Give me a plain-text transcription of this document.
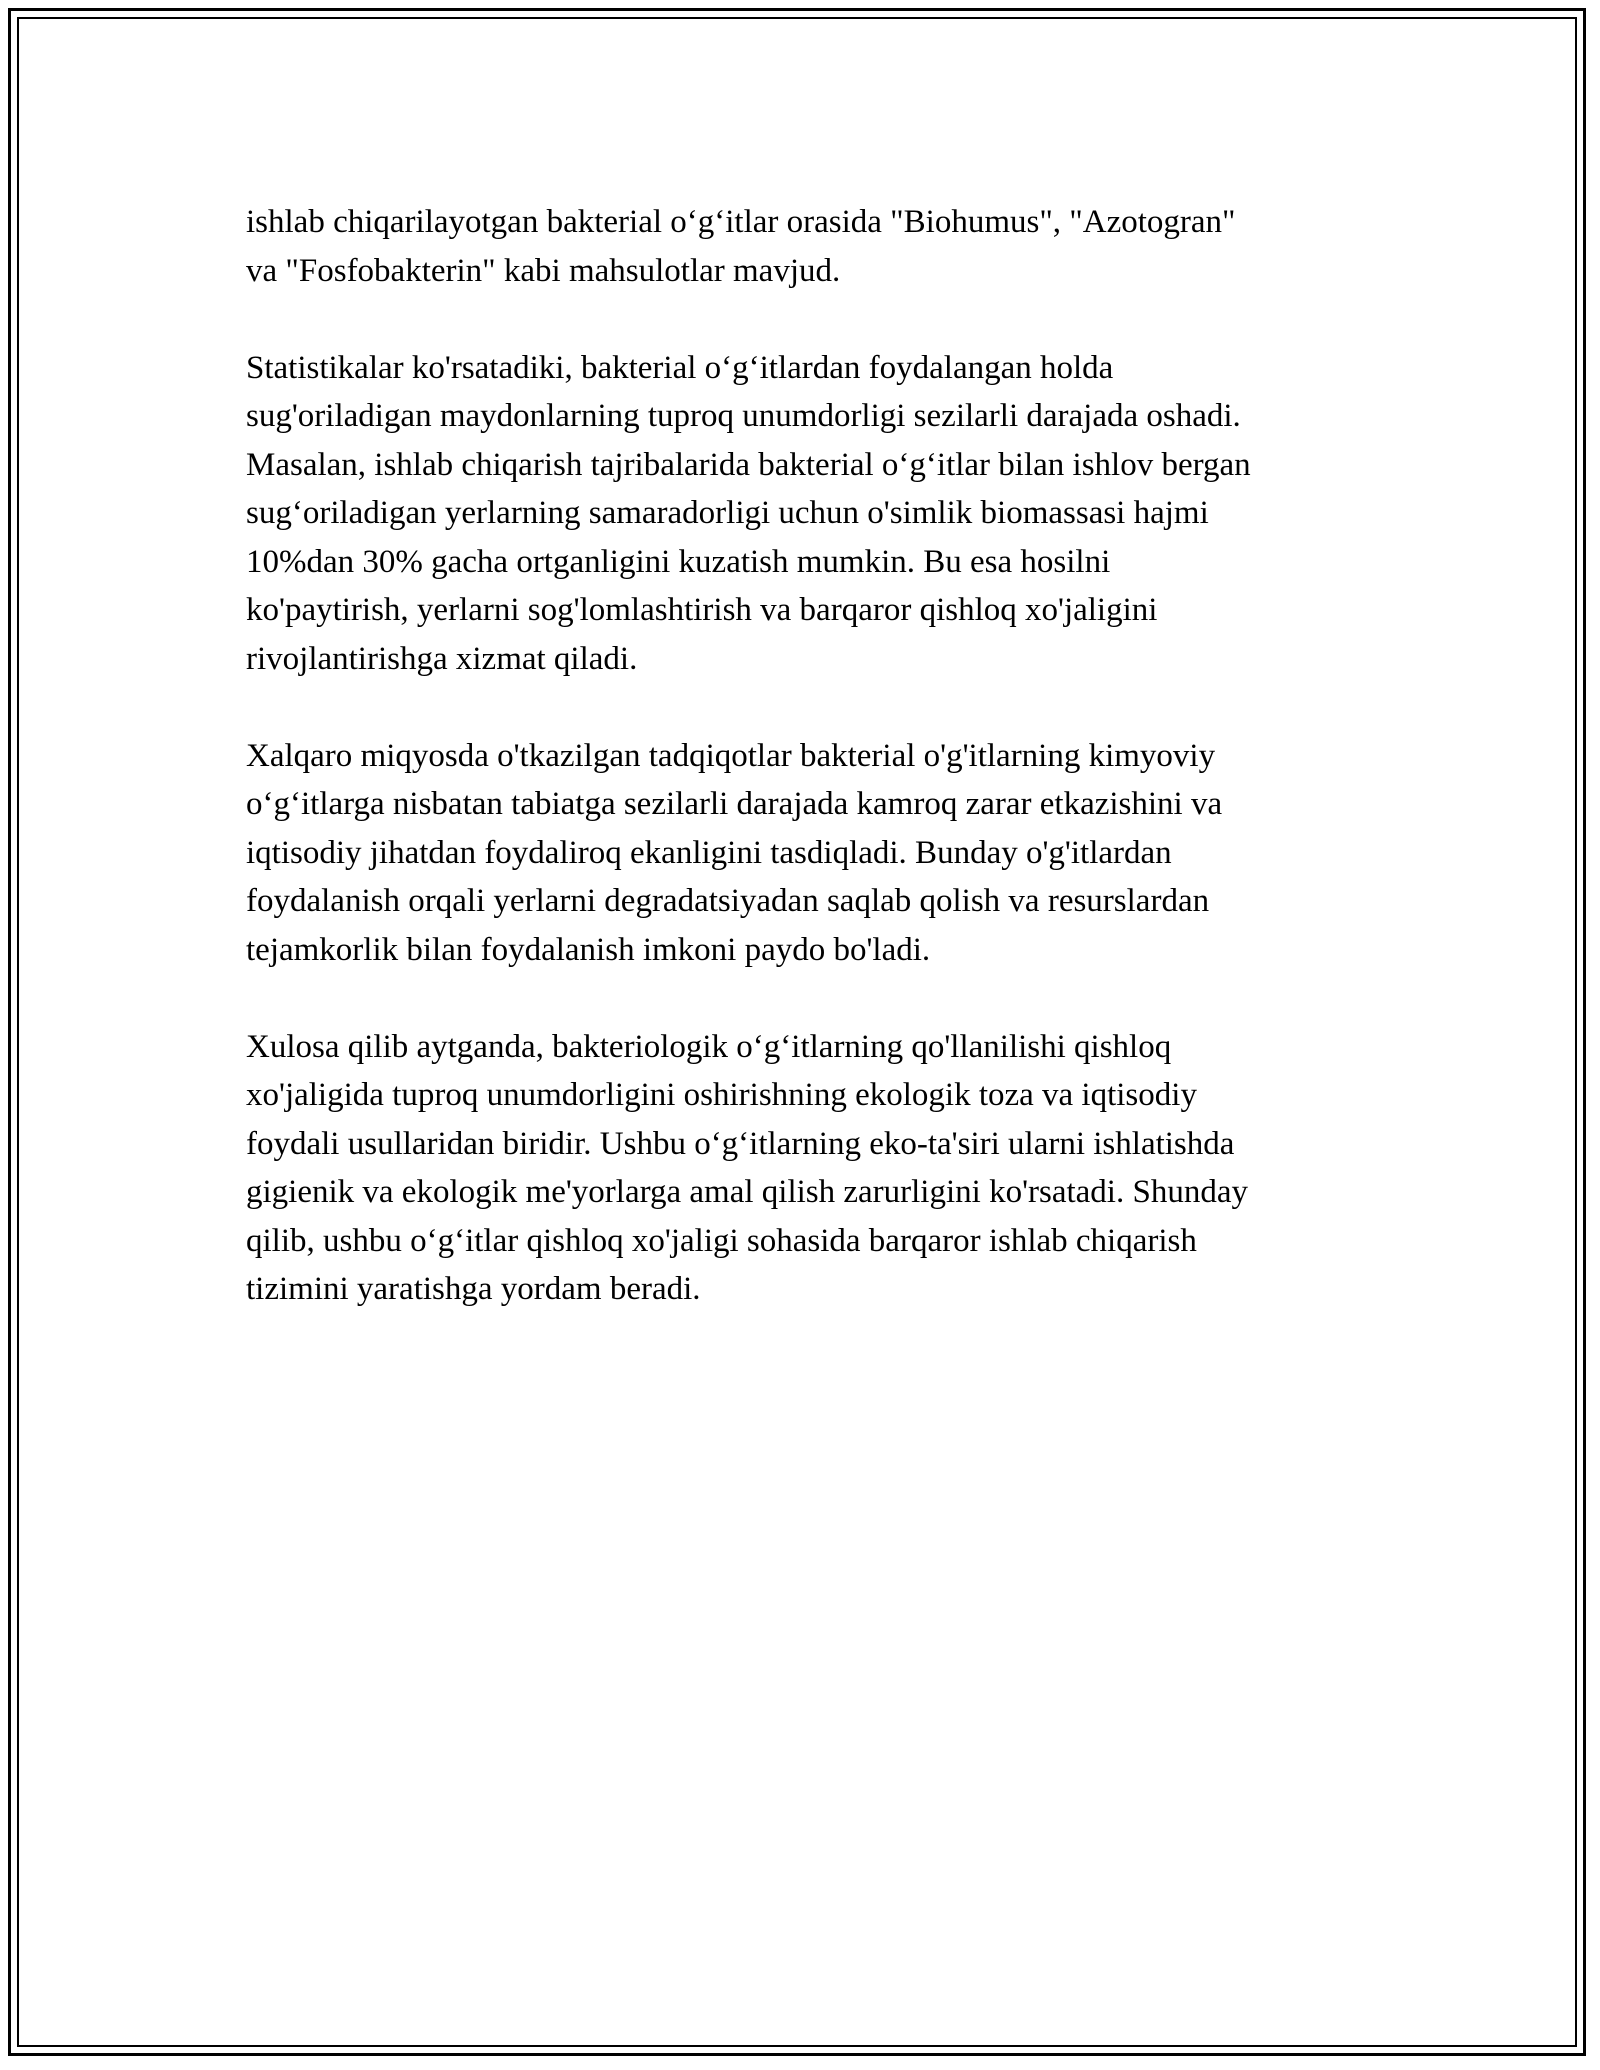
ishlab chiqarilayotgan bakterial o‘g‘itlar orasida "Biohumus", "Azotogran"
va "Fosfobakterin" kabi mahsulotlar mavjud.

Statistikalar ko'rsatadiki, bakterial o‘g‘itlardan foydalangan holda
sug'oriladigan maydonlarning tuproq unumdorligi sezilarli darajada oshadi.
Masalan, ishlab chiqarish tajribalarida bakterial o‘g‘itlar bilan ishlov bergan
sug‘oriladigan yerlarning samaradorligi uchun o'simlik biomassasi hajmi
10%dan 30% gacha ortganligini kuzatish mumkin. Bu esa hosilni
ko'paytirish, yerlarni sog'lomlashtirish va barqaror qishloq xo'jaligini
rivojlantirishga xizmat qiladi.

Xalqaro miqyosda o'tkazilgan tadqiqotlar bakterial o'g'itlarning kimyoviy
o‘g‘itlarga nisbatan tabiatga sezilarli darajada kamroq zarar etkazishini va
iqtisodiy jihatdan foydaliroq ekanligini tasdiqladi. Bunday o'g'itlardan
foydalanish orqali yerlarni degradatsiyadan saqlab qolish va resurslardan
tejamkorlik bilan foydalanish imkoni paydo bo'ladi.

Xulosa qilib aytganda, bakteriologik o‘g‘itlarning qo'llanilishi qishloq
xo'jaligida tuproq unumdorligini oshirishning ekologik toza va iqtisodiy
foydali usullaridan biridir. Ushbu o‘g‘itlarning eko-ta'siri ularni ishlatishda
gigienik va ekologik me'yorlarga amal qilish zarurligini ko'rsatadi. Shunday
qilib, ushbu o‘g‘itlar qishloq xo'jaligi sohasida barqaror ishlab chiqarish
tizimini yaratishga yordam beradi.
